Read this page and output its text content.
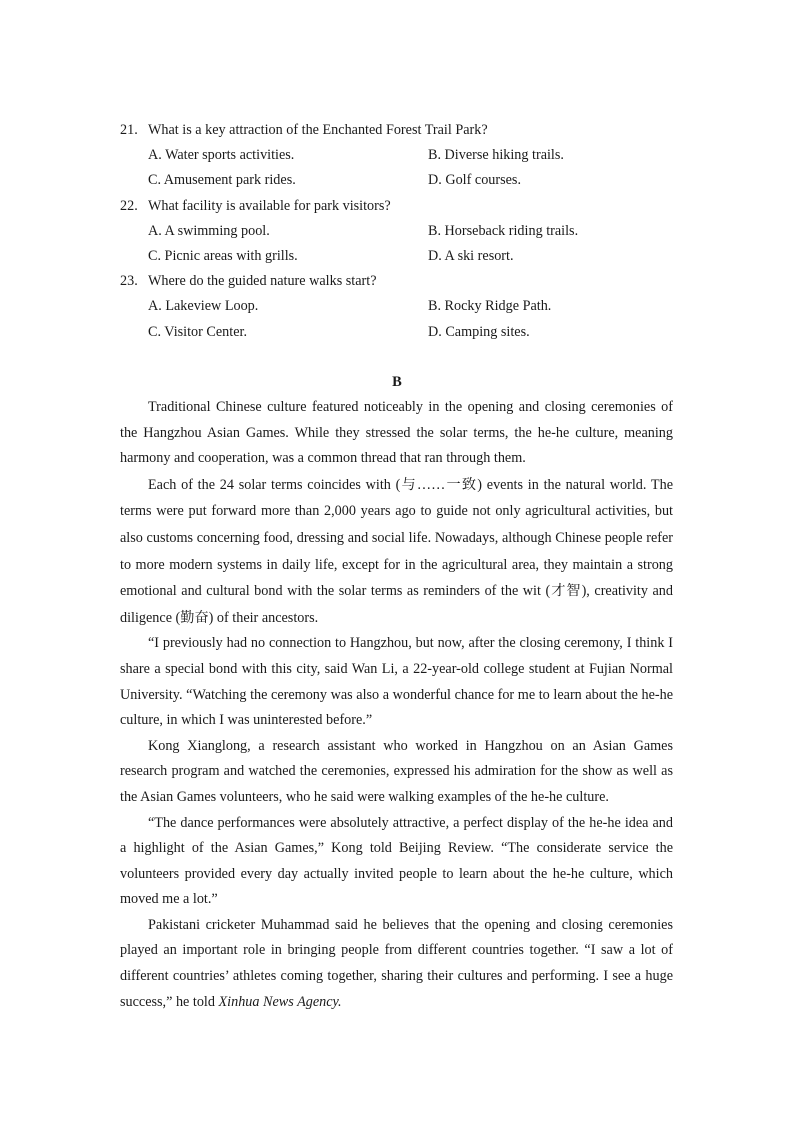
21. What is a key attraction of the Enchanted Forest Trail Park?
A. Water sports activities.	B. Diverse hiking trails.
C. Amusement park rides.	D. Golf courses.
22. What facility is available for park visitors?
A. A swimming pool.	B. Horseback riding trails.
C. Picnic areas with grills.	D. A ski resort.
23. Where do the guided nature walks start?
A. Lakeview Loop.	B. Rocky Ridge Path.
C. Visitor Center.	D. Camping sites.
B

Traditional Chinese culture featured noticeably in the opening and closing ceremonies of the Hangzhou Asian Games. While they stressed the solar terms, the he-he culture, meaning harmony and cooperation, was a common thread that ran through them.

Each of the 24 solar terms coincides with (与……一致) events in the natural world. The terms were put forward more than 2,000 years ago to guide not only agricultural activities, but also customs concerning food, dressing and social life. Nowadays, although Chinese people refer to more modern systems in daily life, except for in the agricultural area, they maintain a strong emotional and cultural bond with the solar terms as reminders of the wit (才智), creativity and diligence (勤奋) of their ancestors.

“I previously had no connection to Hangzhou, but now, after the closing ceremony, I think I share a special bond with this city, said Wan Li, a 22-year-old college student at Fujian Normal University. “Watching the ceremony was also a wonderful chance for me to learn about the he-he culture, in which I was uninterested before.”

Kong Xianglong, a research assistant who worked in Hangzhou on an Asian Games research program and watched the ceremonies, expressed his admiration for the show as well as the Asian Games volunteers, who he said were walking examples of the he-he culture.

“The dance performances were absolutely attractive, a perfect display of the he-he idea and a highlight of the Asian Games,” Kong told Beijing Review. “The considerate service the volunteers provided every day actually invited people to learn about the he-he culture, which moved me a lot.”

Pakistani cricketer Muhammad said he believes that the opening and closing ceremonies played an important role in bringing people from different countries together. “I saw a lot of different countries’ athletes coming together, sharing their cultures and performing. I see a huge success,” he told Xinhua News Agency.
